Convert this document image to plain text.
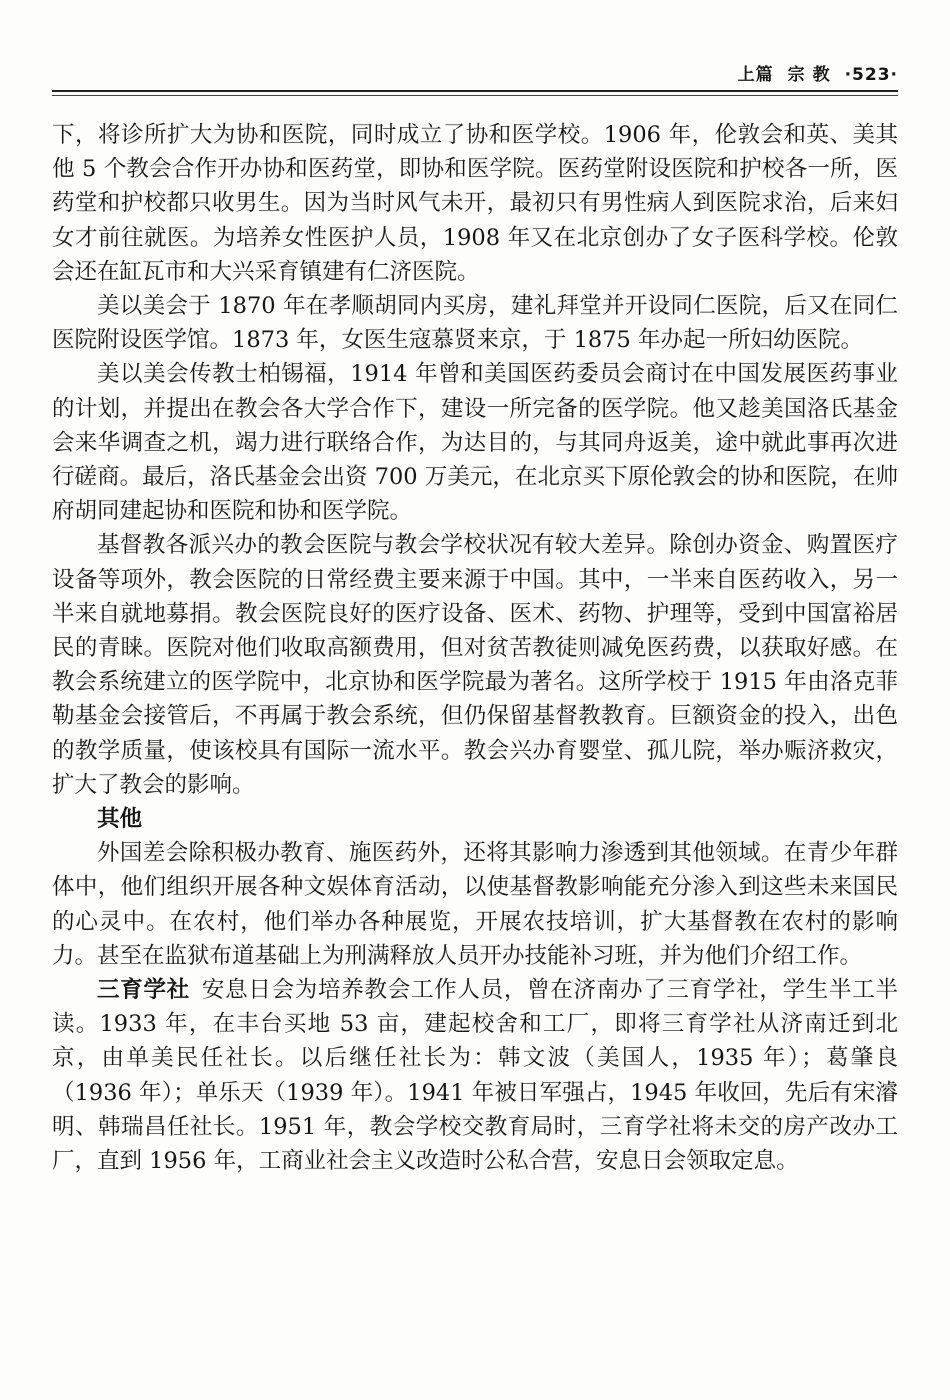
上篇 宗 教 ·523·

下，将诊所扩大为协和医院，同时成立了协和医学校。1906 年，伦敦会和英、美其他 5 个教会合作开办协和医药堂，即协和医学院。医药堂附设医院和护校各一所，医药堂和护校都只收男生。因为当时风气未开，最初只有男性病人到医院求治，后来妇女才前往就医。为培养女性医护人员，1908 年又在北京创办了女子医科学校。伦敦会还在缸瓦市和大兴采育镇建有仁济医院。

美以美会于 1870 年在孝顺胡同内买房，建礼拜堂并开设同仁医院，后又在同仁医院附设医学馆。1873 年，女医生寇慕贤来京，于 1875 年办起一所妇幼医院。

美以美会传教士柏锡福，1914 年曾和美国医药委员会商讨在中国发展医药事业的计划，并提出在教会各大学合作下，建设一所完备的医学院。他又趁美国洛氏基金会来华调查之机，竭力进行联络合作，为达目的，与其同舟返美，途中就此事再次进行磋商。最后，洛氏基金会出资 700 万美元，在北京买下原伦敦会的协和医院，在帅府胡同建起协和医院和协和医学院。

基督教各派兴办的教会医院与教会学校状况有较大差异。除创办资金、购置医疗设备等项外，教会医院的日常经费主要来源于中国。其中，一半来自医药收入，另一半来自就地募捐。教会医院良好的医疗设备、医术、药物、护理等，受到中国富裕居民的青睐。医院对他们收取高额费用，但对贫苦教徒则减免医药费，以获取好感。在教会系统建立的医学院中，北京协和医学院最为著名。这所学校于 1915 年由洛克菲勒基金会接管后，不再属于教会系统，但仍保留基督教教育。巨额资金的投入，出色的教学质量，使该校具有国际一流水平。教会兴办育婴堂、孤儿院，举办赈济救灾，扩大了教会的影响。

其他

外国差会除积极办教育、施医药外，还将其影响力渗透到其他领域。在青少年群体中，他们组织开展各种文娱体育活动，以使基督教影响能充分渗入到这些未来国民的心灵中。在农村，他们举办各种展览，开展农技培训，扩大基督教在农村的影响力。甚至在监狱布道基础上为刑满释放人员开办技能补习班，并为他们介绍工作。

三育学社 安息日会为培养教会工作人员，曾在济南办了三育学社，学生半工半读。1933 年，在丰台买地 53 亩，建起校舍和工厂，即将三育学社从济南迁到北京，由单美民任社长。以后继任社长为：韩文波（美国人，1935 年）；葛肇良（1936 年）；单乐天（1939 年）。1941 年被日军强占，1945 年收回，先后有宋濬明、韩瑞昌任社长。1951 年，教会学校交教育局时，三育学社将未交的房产改办工厂，直到 1956 年，工商业社会主义改造时公私合营，安息日会领取定息。
